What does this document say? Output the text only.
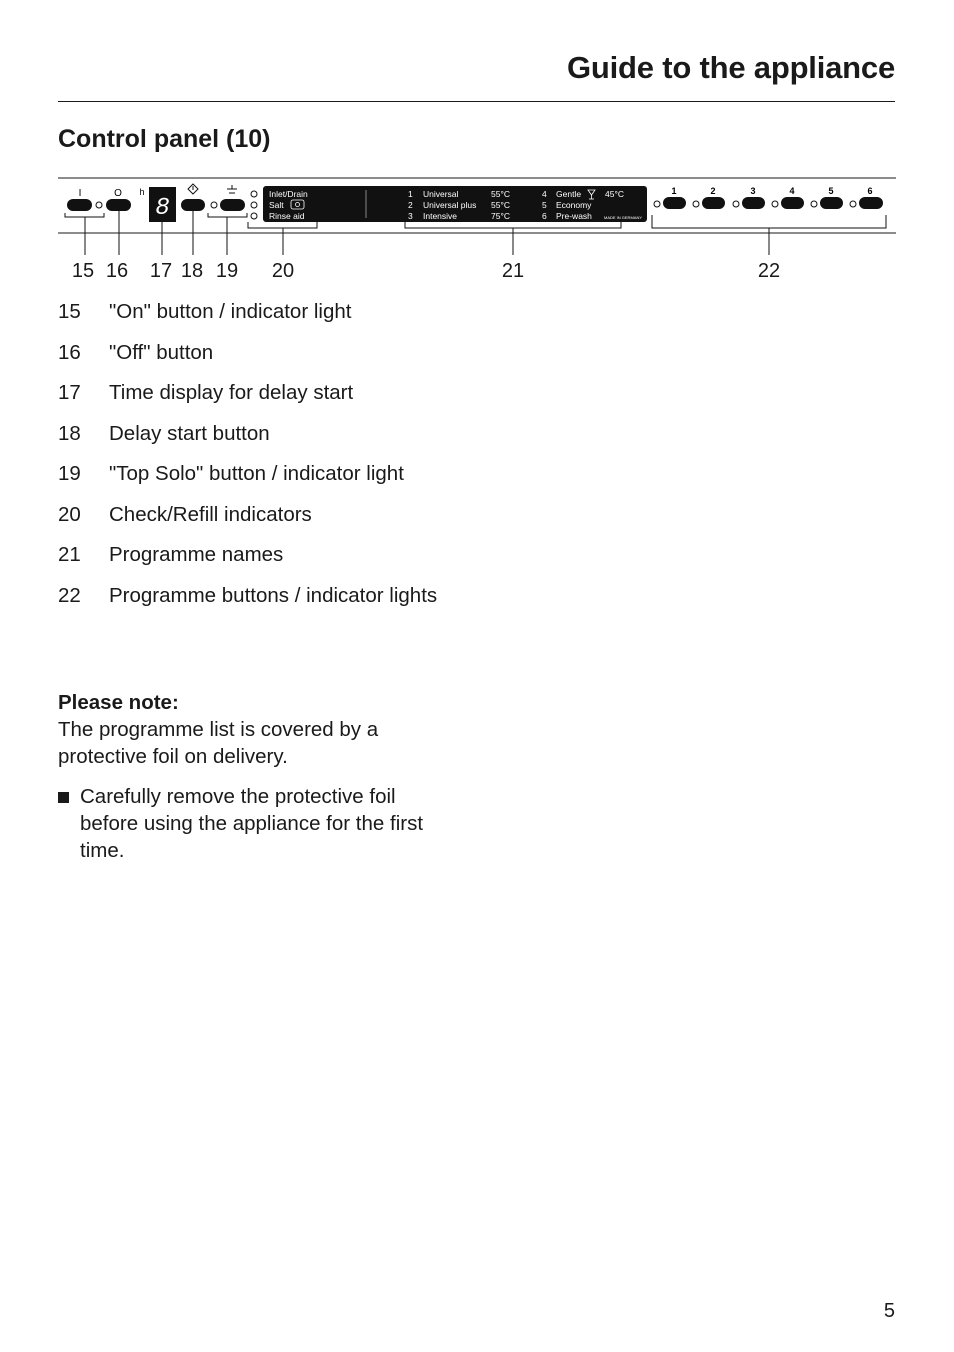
Guide to the appliance
Control panel (10)
I	O h
8
Inlet/Drain
Salt
Rinse aid
1 Universal	55°C
2 Universal plus 55°C
3 Intensive	75°C
4 Gentle	45°C
5 Economy
6 Pre-wash	MADE IN GERMANY
1	2	3	4	5	6
15 16 17 18 19 20	21	22
15	"On" button / indicator light
16	"Off" button
17	Time display for delay start
18	Delay start button
19	"Top Solo" button / indicator light
20	Check/Refill indicators
21	Programme names
22	Programme buttons / indicator lights
Please note:
The programme list is covered by a protective foil on delivery.
Carefully remove the protective foil before using the appliance for the first time.
5
